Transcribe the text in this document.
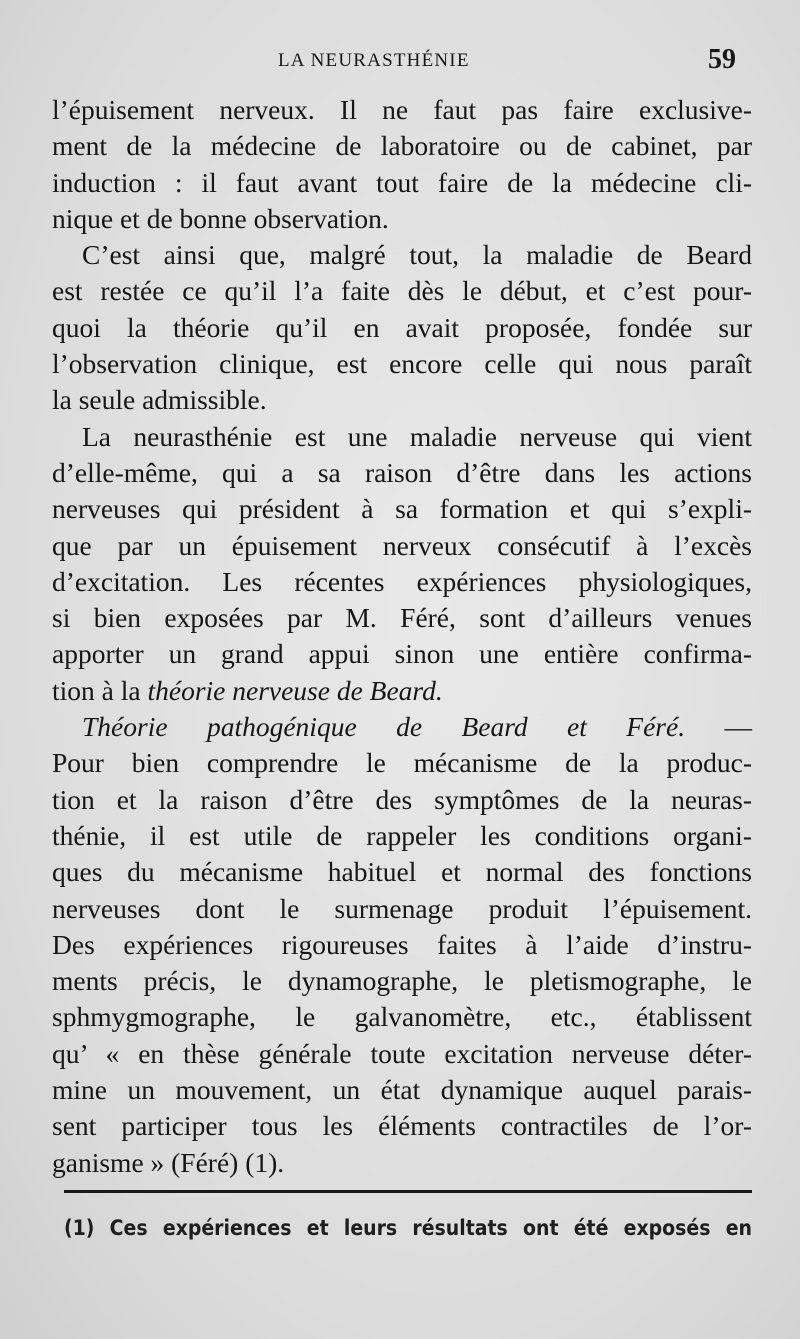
LA NEURASTHÉNIE	59
l’épuisement nerveux. Il ne faut pas faire exclusive-
ment de la médecine de laboratoire ou de cabinet, par
induction : il faut avant tout faire de la médecine cli-
nique et de bonne observation.
C’est ainsi que, malgré tout, la maladie de Beard
est restée ce qu’il l’a faite dès le début, et c’est pour-
quoi la théorie qu’il en avait proposée, fondée sur
l’observation clinique, est encore celle qui nous paraît
la seule admissible.
La neurasthénie est une maladie nerveuse qui vient
d’elle-même, qui a sa raison d’être dans les actions
nerveuses qui président à sa formation et qui s’expli-
que par un épuisement nerveux consécutif à l’excès
d’excitation. Les récentes expériences physiologiques,
si bien exposées par M. Féré, sont d’ailleurs venues
apporter un grand appui sinon une entière confirma-
tion à la théorie nerveuse de Beard.
Théorie pathogénique de Beard et Féré. —
Pour bien comprendre le mécanisme de la produc-
tion et la raison d’être des symptômes de la neuras-
thénie, il est utile de rappeler les conditions organi-
ques du mécanisme habituel et normal des fonctions
nerveuses dont le surmenage produit l’épuisement.
Des expériences rigoureuses faites à l’aide d’instru-
ments précis, le dynamographe, le pletismographe, le
sphmygmographe, le galvanomètre, etc., établissent
qu’ « en thèse générale toute excitation nerveuse déter-
mine un mouvement, un état dynamique auquel parais-
sent participer tous les éléments contractiles de l’or-
ganisme » (Féré) (1).
(1) Ces expériences et leurs résultats ont été exposés en
